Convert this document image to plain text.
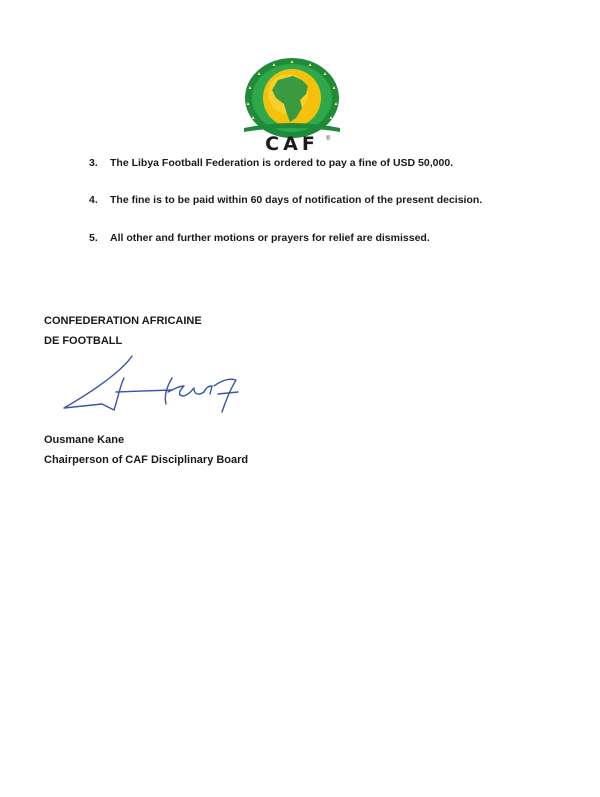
CAF	®
3. The Libya Football Federation is ordered to pay a fine of USD 50,000.
4. The fine is to be paid within 60 days of notification of the present decision.
5. All other and further motions or prayers for relief are dismissed.
CONFEDERATION AFRICAINE
DE FOOTBALL
Ousmane Kane
Chairperson of CAF Disciplinary Board
